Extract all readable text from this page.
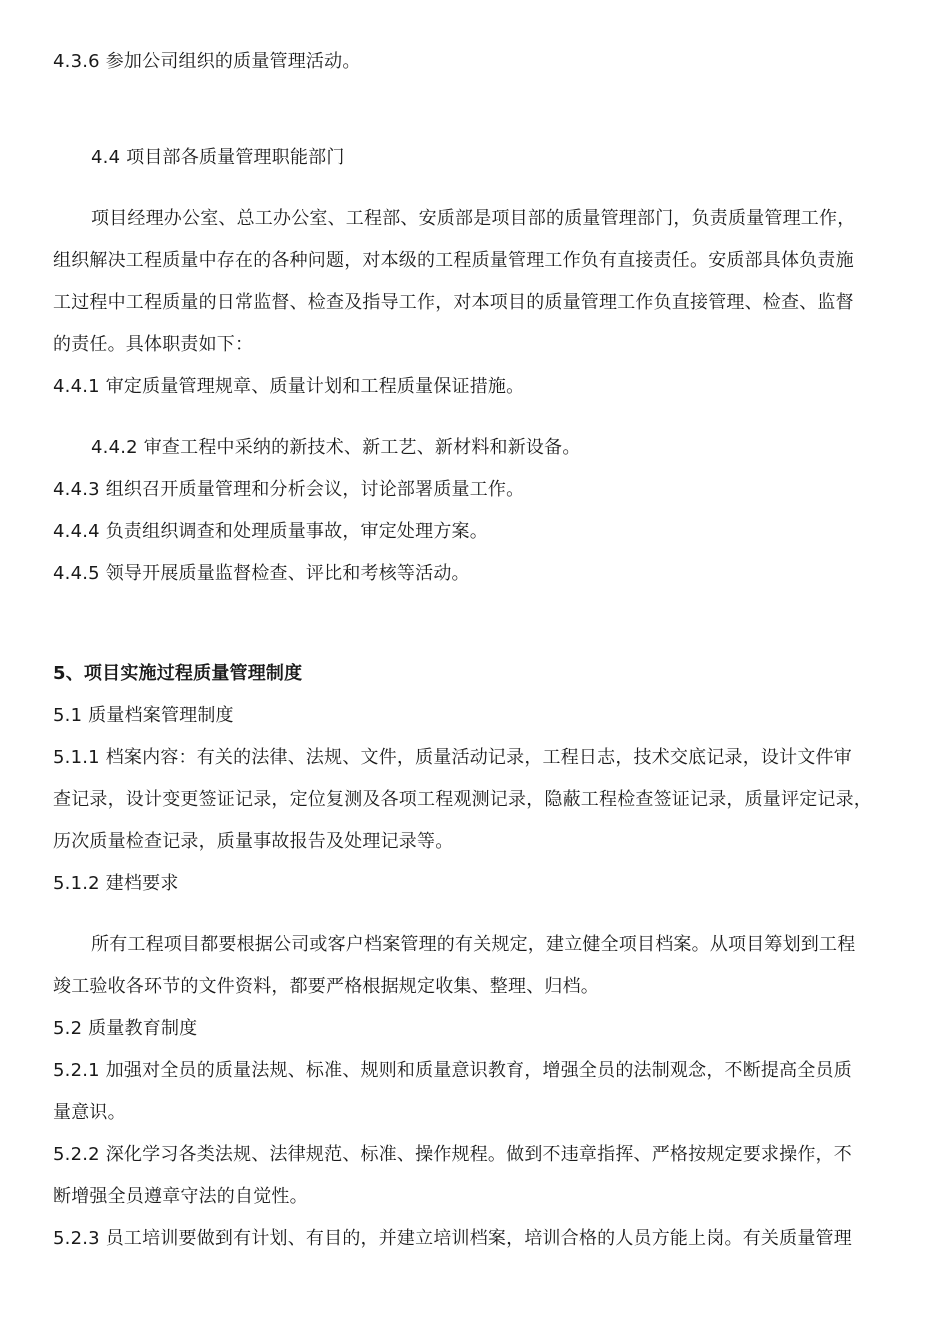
4.3.6 参加公司组织的质量管理活动。
4.4 项目部各质量管理职能部门
项目经理办公室、总工办公室、工程部、安质部是项目部的质量管理部门，负责质量管理工作，
组织解决工程质量中存在的各种问题，对本级的工程质量管理工作负有直接责任。安质部具体负责施
工过程中工程质量的日常监督、检查及指导工作，对本项目的质量管理工作负直接管理、检查、监督
的责任。具体职责如下：
4.4.1 审定质量管理规章、质量计划和工程质量保证措施。
4.4.2 审查工程中采纳的新技术、新工艺、新材料和新设备。
4.4.3 组织召开质量管理和分析会议，讨论部署质量工作。
4.4.4 负责组织调查和处理质量事故，审定处理方案。
4.4.5 领导开展质量监督检查、评比和考核等活动。
5、项目实施过程质量管理制度
5.1 质量档案管理制度
5.1.1 档案内容：有关的法律、法规、文件，质量活动记录，工程日志，技术交底记录，设计文件审
查记录，设计变更签证记录，定位复测及各项工程观测记录，隐蔽工程检查签证记录，质量评定记录，
历次质量检查记录，质量事故报告及处理记录等。
5.1.2 建档要求
所有工程项目都要根据公司或客户档案管理的有关规定，建立健全项目档案。从项目筹划到工程
竣工验收各环节的文件资料，都要严格根据规定收集、整理、归档。
5.2 质量教育制度
5.2.1 加强对全员的质量法规、标准、规则和质量意识教育，增强全员的法制观念，不断提高全员质
量意识。
5.2.2 深化学习各类法规、法律规范、标准、操作规程。做到不违章指挥、严格按规定要求操作，不
断增强全员遵章守法的自觉性。
5.2.3 员工培训要做到有计划、有目的，并建立培训档案，培训合格的人员方能上岗。有关质量管理
